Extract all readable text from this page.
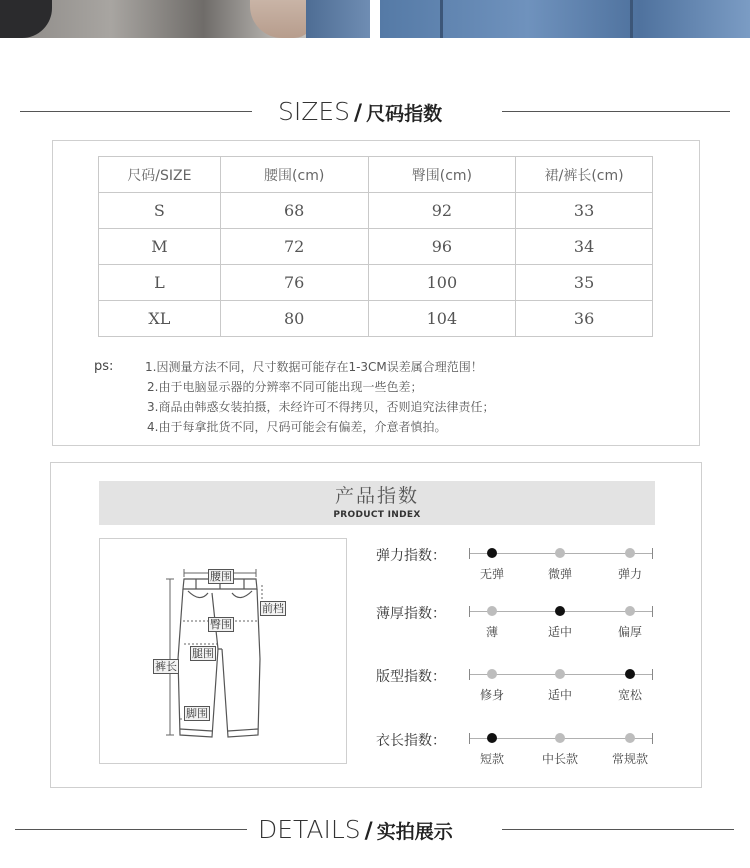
SIZES / 尺码指数
尺码/SIZE	腰围(cm)	臀围(cm)	裙/裤长(cm)
S	68	92	33
M	72	96	34
L	76	100	35
XL	80	104	36
ps:	1.因测量方法不同，尺寸数据可能存在1-3CM误差属合理范围！
2.由于电脑显示器的分辨率不同可能出现一些色差；
3.商品由韩惑女装拍摄，未经许可不得拷贝，否则追究法律责任；
4.由于每拿批货不同，尺码可能会有偏差，介意者慎拍。
产品指数
PRODUCT INDEX
腰围
前档
臀围
腿围
裤长
脚围
弹力指数：
无弹	微弹	弹力
薄厚指数：
薄	适中	偏厚
版型指数：
修身	适中	宽松
衣长指数：
短款	中长款	常规款
DETAILS / 实拍展示
